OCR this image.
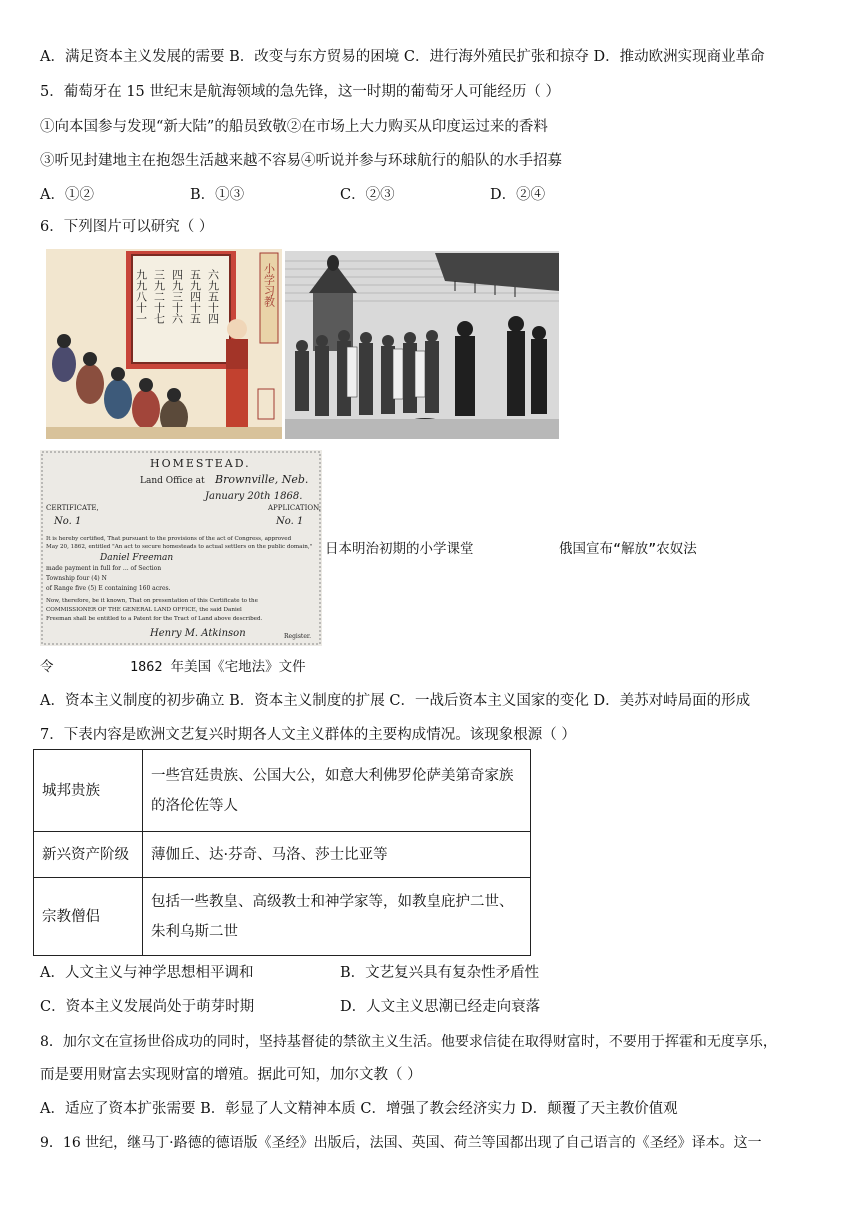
A．满足资本主义发展的需要 B．改变与东方贸易的困境 C．进行海外殖民扩张和掠夺 D．推动欧洲实现商业革命
5．葡萄牙在 15 世纪末是航海领域的急先锋，这一时期的葡萄牙人可能经历（ ）
①向本国参与发现“新大陆”的船员致敬②在市场上大力购买从印度运过来的香料
③听见封建地主在抱怨生活越来越不容易④听说并参与环球航行的船队的水手招募
A．①②	B．①③	C．②③	D．②④
6．下列图片可以研究（ ）
九九八十一 三九二十七 四九三十六 五九四十五 六九五十四	小学习教
HOMESTEAD.
Land Office at Brownville, Neb.
January 20th 1868.
CERTIFICATE,
No. 1
APPLICATION,
No. 1
It is hereby certified, That pursuant to the provisions of the act of Congress, approved
May 20, 1862, entitled "An act to secure homesteads to actual settlers on the public domain,"
Daniel Freeman
made payment in full for ... of Section
Township four (4) N
of Range five (5) E containing 160 acres.
Now, therefore, be it known, That on presentation of this Certificate to the
COMMISSIONER OF THE GENERAL LAND OFFICE, the said Daniel
Freeman shall be entitled to a Patent for the Tract of Land above described.
Henry M. Atkinson	Register.
日本明治初期的小学课堂	俄国宣布“解放”农奴法
令	1862 年美国《宅地法》文件
A．资本主义制度的初步确立 B．资本主义制度的扩展 C．一战后资本主义国家的变化 D．美苏对峙局面的形成
7．下表内容是欧洲文艺复兴时期各人文主义群体的主要构成情况。该现象根源（ ）
城邦贵族	一些宫廷贵族、公国大公，如意大利佛罗伦萨美第奇家族
的洛伦佐等人

新兴资产阶级	薄伽丘、达·芬奇、马洛、莎士比亚等

宗教僧侣	包括一些教皇、高级教士和神学家等，如教皇庇护二世、
朱利乌斯二世
A．人文主义与神学思想相平调和	B．文艺复兴具有复杂性矛盾性
C．资本主义发展尚处于萌芽时期	D．人文主义思潮已经走向衰落
8．加尔文在宣扬世俗成功的同时，坚持基督徒的禁欲主义生活。他要求信徒在取得财富时，不要用于挥霍和无度享乐，
而是要用财富去实现财富的增殖。据此可知，加尔文教（ ）
A．适应了资本扩张需要 B．彰显了人文精神本质 C．增强了教会经济实力 D．颠覆了天主教价值观
9．16 世纪，继马丁·路德的德语版《圣经》出版后，法国、英国、荷兰等国都出现了自己语言的《圣经》译本。这一
